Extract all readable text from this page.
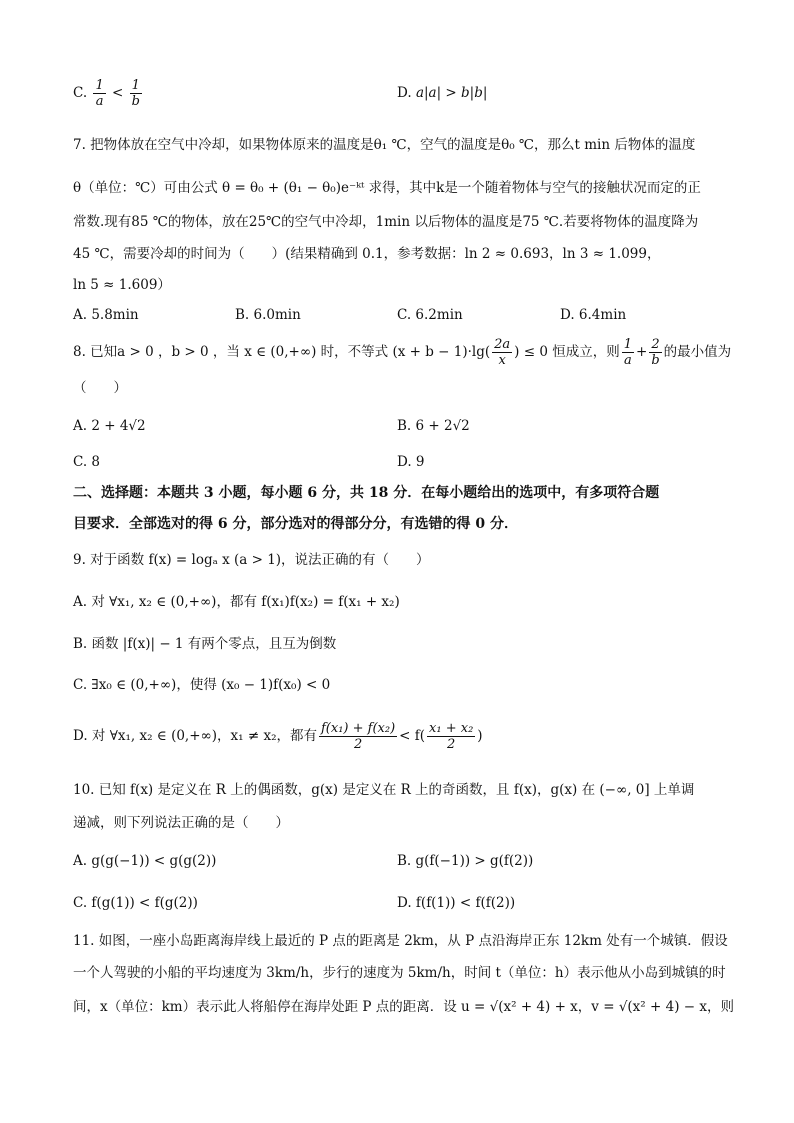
C. $\frac{1}{a} < \frac{1}{b}$	D. a|a| > b|b|
7. 把物体放在空气中冷却，如果物体原来的温度是θ₁ ℃，空气的温度是θ₀ ℃，那么t min 后物体的温度
θ（单位：℃）可由公式 θ = θ₀ + (θ₁ − θ₀)e⁻ᵏᵗ 求得，其中k是一个随着物体与空气的接触状况而定的正
常数.现有85 ℃的物体，放在25℃的空气中冷却，1min 以后物体的温度是75 ℃.若要将物体的温度降为
45 ℃，需要冷却的时间为（　　）(结果精确到 0.1，参考数据：ln 2 ≈ 0.693，ln 3 ≈ 1.099，
ln 5 ≈ 1.609）
A. 5.8min	B. 6.0min	C. 6.2min	D. 6.4min
8. 已知a > 0 ，b > 0 ，当 x ∈ (0,+∞) 时，不等式 $(x + b - 1)\cdot\lg( \frac{2a}{x}$ ) ≤ 0 恒成立，则 $\frac{1}{a} + \frac{2}{b}$ 的最小值为
（　　）
A. 2 + 4√2	B. 6 + 2√2
C. 8	D. 9
二、选择题：本题共 3 小题，每小题 6 分，共 18 分．在每小题给出的选项中，有多项符合题
目要求．全部选对的得 6 分，部分选对的得部分分，有选错的得 0 分．
9. 对于函数 f(x) = logₐ x (a > 1)，说法正确的有（　　）
A. 对 ∀x₁, x₂ ∈ (0,+∞)，都有 f(x₁)f(x₂) = f(x₁ + x₂)
B. 函数 |f(x)| − 1 有两个零点，且互为倒数
C. ∃x₀ ∈ (0,+∞)，使得 (x₀ − 1)f(x₀) < 0
D. 对 ∀x₁, x₂ ∈ (0,+∞)，x₁ ≠ x₂，都有 $\frac{\text{f(x₁) + f(x₂)}}{2} < f( \frac{\text{x₁ + x₂}}{2}$ )
10. 已知 f(x) 是定义在 R 上的偶函数，g(x) 是定义在 R 上的奇函数，且 f(x)，g(x) 在 (−∞, 0] 上单调
递减，则下列说法正确的是（　　）
A. g(g(−1)) < g(g(2))	B. g(f(−1)) > g(f(2))
C. f(g(1)) < f(g(2))	D. f(f(1)) < f(f(2))
11. 如图，一座小岛距离海岸线上最近的 P 点的距离是 2km，从 P 点沿海岸正东 12km 处有一个城镇．假设
一个人驾驶的小船的平均速度为 3km/h，步行的速度为 5km/h，时间 t（单位：h）表示他从小岛到城镇的时
间，x（单位：km）表示此人将船停在海岸处距 P 点的距离．设 u = √(x² + 4) + x，v = √(x² + 4) − x，则
